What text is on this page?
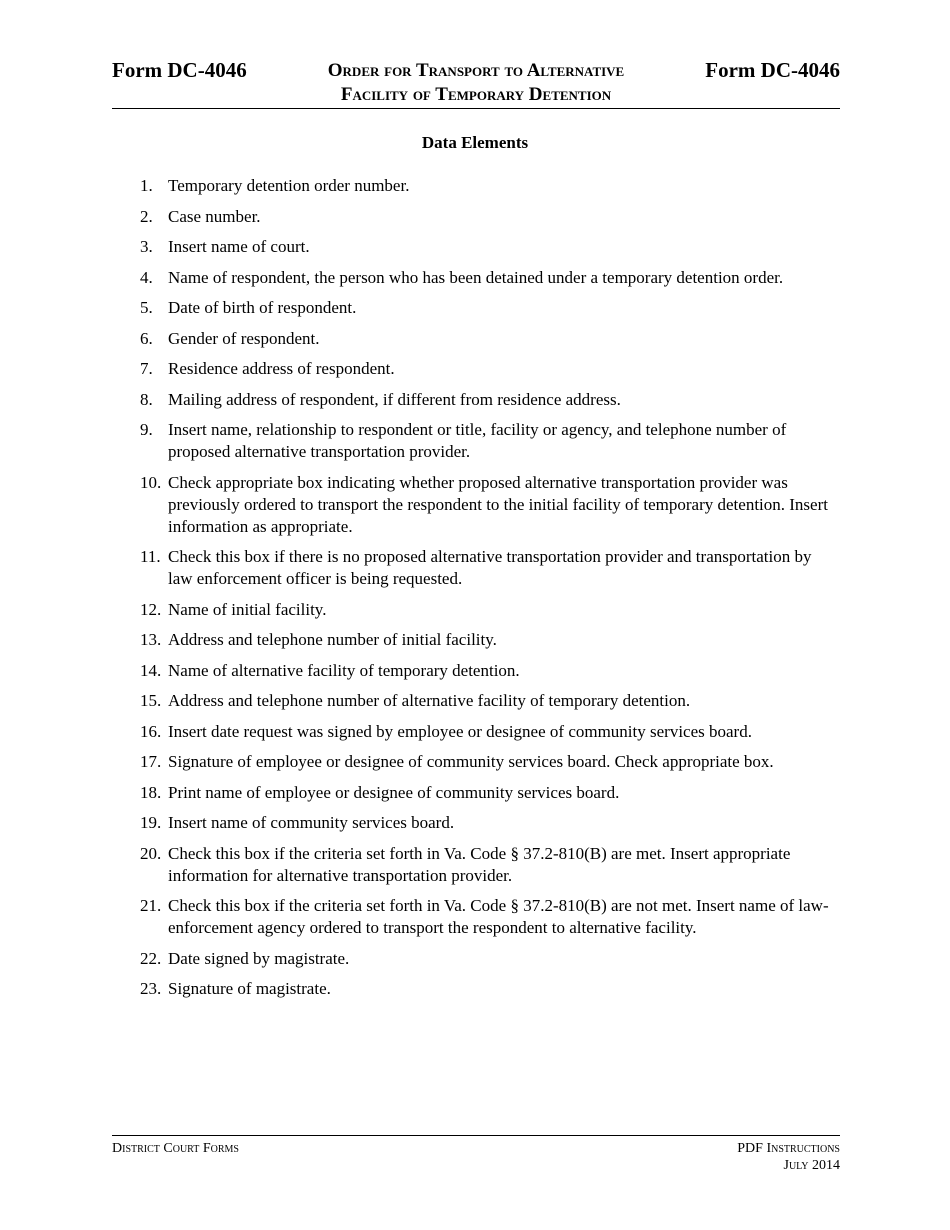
Form DC-4046	Order for Transport to Alternative
Facility of Temporary Detention
Form DC-4046
Data Elements
1. Temporary detention order number.
2. Case number.
3. Insert name of court.
4. Name of respondent, the person who has been detained under a temporary detention order.
5. Date of birth of respondent.
6. Gender of respondent.
7. Residence address of respondent.
8. Mailing address of respondent, if different from residence address.
9. Insert name, relationship to respondent or title, facility or agency, and telephone number of proposed alternative transportation provider.
10. Check appropriate box indicating whether proposed alternative transportation provider was previously ordered to transport the respondent to the initial facility of temporary detention. Insert information as appropriate.
11. Check this box if there is no proposed alternative transportation provider and transportation by law enforcement officer is being requested.
12. Name of initial facility.
13. Address and telephone number of initial facility.
14. Name of alternative facility of temporary detention.
15. Address and telephone number of alternative facility of temporary detention.
16. Insert date request was signed by employee or designee of community services board.
17. Signature of employee or designee of community services board. Check appropriate box.
18. Print name of employee or designee of community services board.
19. Insert name of community services board.
20. Check this box if the criteria set forth in Va. Code § 37.2-810(B) are met. Insert appropriate information for alternative transportation provider.
21. Check this box if the criteria set forth in Va. Code § 37.2-810(B) are not met. Insert name of law-enforcement agency ordered to transport the respondent to alternative facility.
22. Date signed by magistrate.
23. Signature of magistrate.
District Court Forms	PDF Instructions
July 2014
